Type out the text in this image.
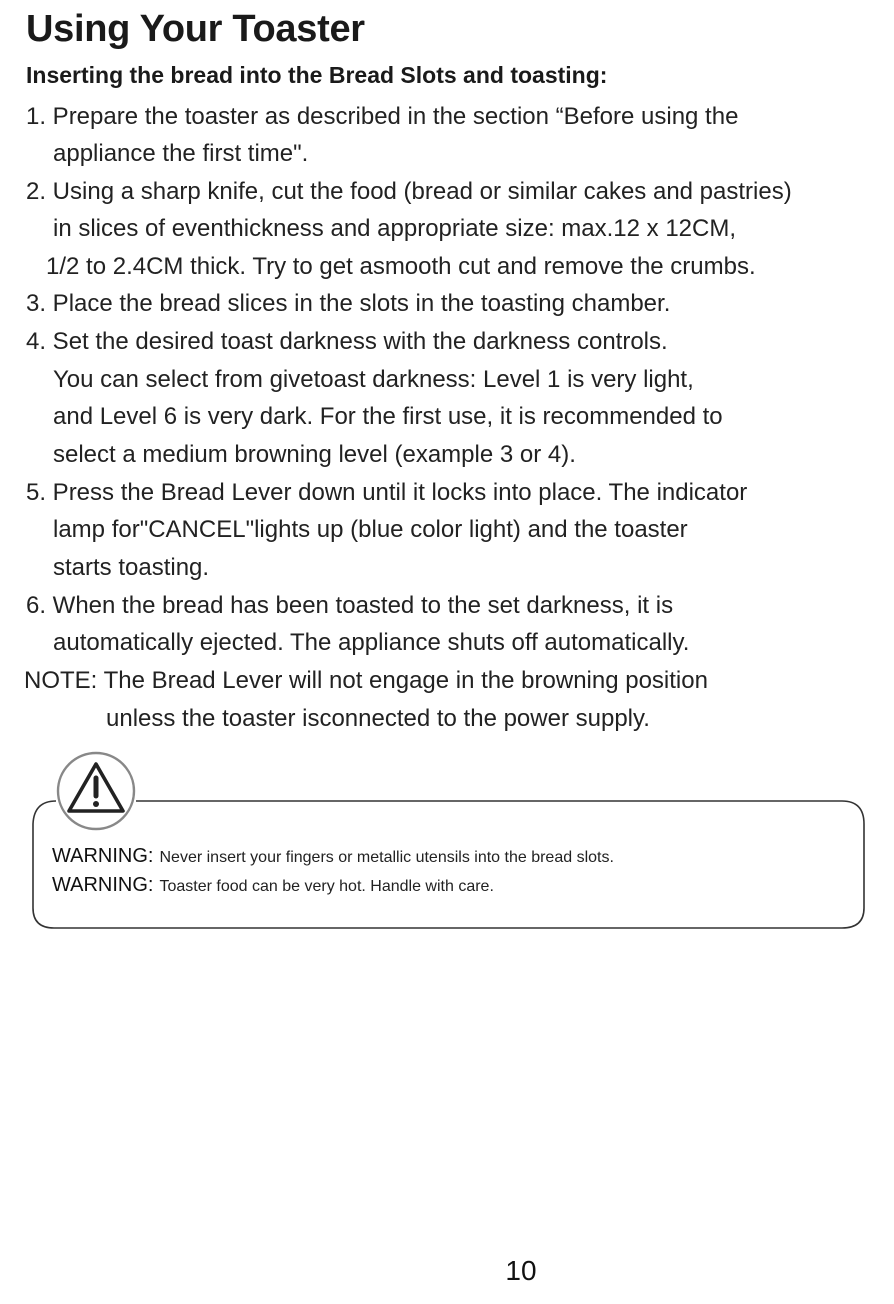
Using Your Toaster
Inserting the bread into the Bread Slots and toasting:
1. Prepare the toaster as described in the section “Before using the
appliance the first time".
2. Using a sharp knife, cut the food (bread or similar cakes and pastries)
in slices of eventhickness and appropriate size: max.12 x 12CM,
1/2 to 2.4CM thick. Try to get asmooth cut and remove the crumbs.
3. Place the bread slices in the slots in the toasting chamber.
4. Set the desired toast darkness with the darkness controls.
You can select from givetoast darkness: Level 1 is very light,
and Level 6 is very dark. For the first use, it is recommended to
select a medium browning level (example 3 or 4).
5. Press the Bread Lever down until it locks into place. The indicator
lamp for"CANCEL"lights up (blue color light) and the toaster
starts toasting.
6. When the bread has been toasted to the set darkness, it is
automatically ejected. The appliance shuts off automatically.
NOTE: The Bread Lever will not engage in the browning position
unless the toaster isconnected to the power supply.
WARNING: Never insert your fingers or metallic utensils into the bread slots.
WARNING: Toaster food can be very hot. Handle with care.
10
